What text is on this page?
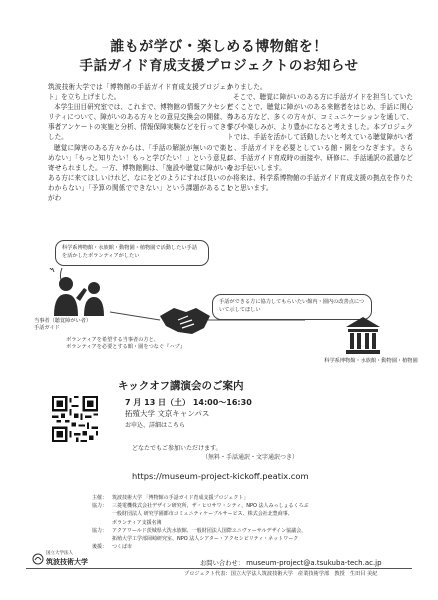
誰もが学び・楽しめる博物館を！
手話ガイド育成支援プロジェクトのお知らせ

筑波技術大学では「博物館の手話ガイド育成支援プロジェクト」を立ち上げました。

本学生田目研究室では、これまで、博物館の情報アクセシビリティについて、障がいのある方々との意見交換会の開催、当事者アンケートの実施と分析、情報保障実験などを行ってきました。

聴覚に障害のある方々からは、「手話の解説が無いので楽しめない」「もっと知りたい！もっと学びたい！」という意見が寄せられました。一方、博物館側は、「施設や聴覚に障がいのある方に来てほしいけれど、なにをどのようにすれば良いのかわからない」「予算の関係でできない」という課題があることがわ

かりました。

そこで、聴覚に障がいのある方に手話ガイドを担当していただくことで、聴覚に障がいのある来館者をはじめ、手話に関心のある方など、多くの方々が、コミュニケーションを通して、学びや楽しみが、より豊かになると考えました。本プロジェクトでは、手話を活かして活動したいと考えている聴覚障がい者と、手話ガイドを必要としている館・園をつなぎます。さらに、手話ガイド育成時の面接や、研修に、手話通訳の派遣などをお手伝いします。

将来は、科学系博物館の手話ガイド育成支援の拠点を作りたいと思います。

科学系博物館・水族館・動物園・植物園で活動したい手話を活かしたボランティアがしたい
手話ができる方に協力してもらいたい館内・園内の改善点について示してほしい
当事者（聴覚障がい者）
手話ガイド
科学系博物館・水族館・動物園・植物園
ボランティアを希望する当事者の方と、
ボランティアを必要とする館・園をつなぐ『ハブ』
キックオフ講演会のご案内
7 月 13 日（土） 14:00～16:30
拓殖大学 文京キャンパス
どなたでもご参加いただけます。
お申込、詳細はこちら
（無料・手話通訳・文字通訳つき）
https://museum-project-kickoff.peatix.com
主催： 筑波技術大学 「博物館の手話ガイド育成支援プロジェクト」
協力： 三菱電機株式会社デザイン研究所、ザ・ヒロサワ・シティ、NPO 法人みっしょるくろぶ
一般財団法人 研究学園都市コミュニティケーブルサービス、株式会社北豊商事、
ボランティア支援名簿
協力： アクアワールド茨城県大洗水族館、一般財団法人国際ユニヴァーサルデザイン協議会、
拓殖大学工学部岡崎研究室、NPO 法人シアター・アクセシビリティ・ネットワーク
後援： つくば市
国立大学法人
筑波技術大学	お問い合わせ： museum-project@a.tsukuba-tech.ac.jp
プロジェクト代表：国立大学法人筑波技術大学　産業技術学部　教授　生田目 美紀
